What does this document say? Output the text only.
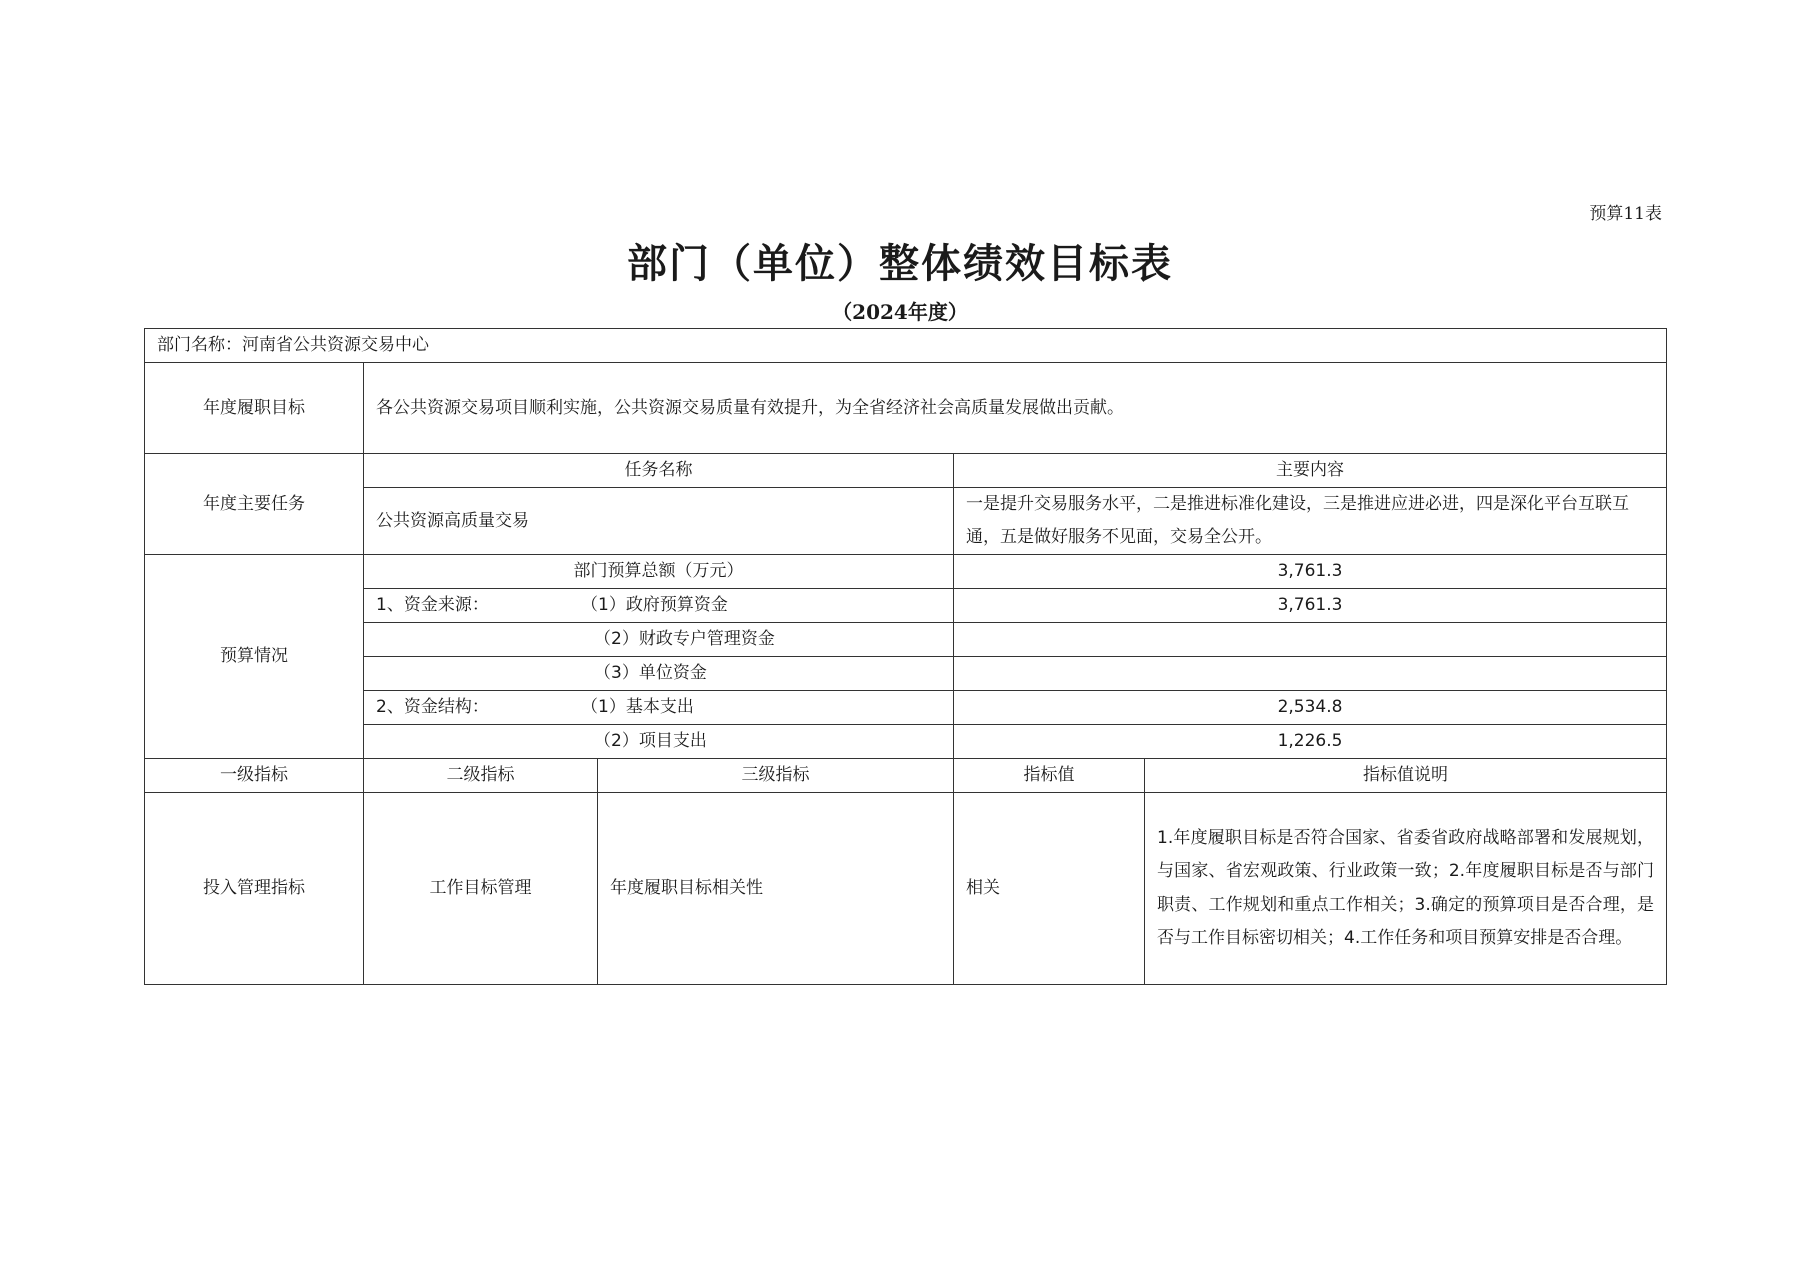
预算11表
部门（单位）整体绩效目标表
（2024年度）
部门名称：河南省公共资源交易中心				
年度履职目标	各公共资源交易项目顺利实施，公共资源交易质量有效提升，为全省经济社会高质量发展做出贡献。			
年度主要任务	任务名称		主要内容	
	公共资源高质量交易		一是提升交易服务水平，二是推进标准化建设，三是推进应进必进，四是深化平台互联互通，五是做好服务不见面，交易全公开。	
预算情况	部门预算总额（万元）		3,761.3	

	1、资金来源： （1）政府预算资金		3,761.3	
	（2）财政专户管理资金			
	（3）单位资金			

	2、资金结构： （1）基本支出		2,534.8	
	（2）项目支出		1,226.5	
一级指标	二级指标	三级指标	指标值	指标值说明
投入管理指标	工作目标管理	年度履职目标相关性	相关	1.年度履职目标是否符合国家、省委省政府战略部署和发展规划，与国家、省宏观政策、行业政策一致；2.年度履职目标是否与部门职责、工作规划和重点工作相关；3.确定的预算项目是否合理，是否与工作目标密切相关；4.工作任务和项目预算安排是否合理。
